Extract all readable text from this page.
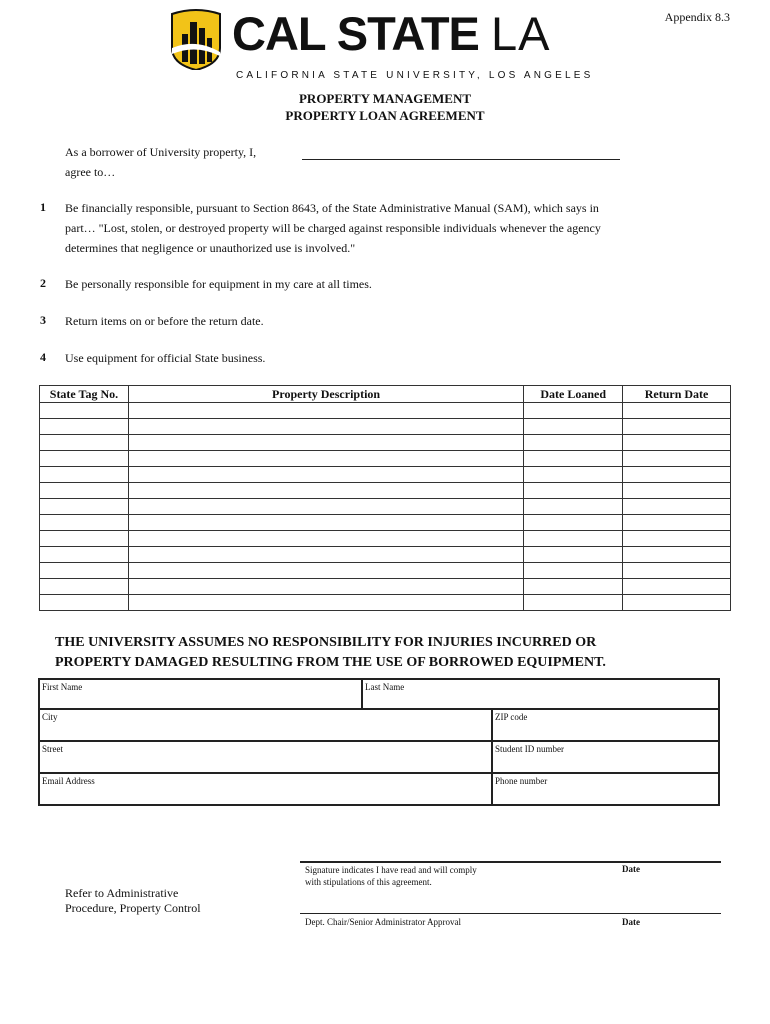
Appendix 8.3
CAL STATE LA
CALIFORNIA STATE UNIVERSITY, LOS ANGELES
PROPERTY MANAGEMENT
PROPERTY LOAN AGREEMENT
As a borrower of University property, I,
agree to…
1 Be financially responsible, pursuant to Section 8643, of the State Administrative Manual (SAM), which says in part… "Lost, stolen, or destroyed property will be charged against responsible individuals whenever the agency determines that negligence or unauthorized use is involved."
2 Be personally responsible for equipment in my care at all times.
3 Return items on or before the return date.
4 Use equipment for official State business.
State Tag No.	Property Description	Date Loaned	Return Date

THE UNIVERSITY ASSUMES NO RESPONSIBILITY FOR INJURIES INCURRED OR
PROPERTY DAMAGED RESULTING FROM THE USE OF BORROWED EQUIPMENT.
First Name	Last Name
City	ZIP code
Street	Student ID number
Email Address	Phone number
Signature indicates I have read and will comply
with stipulations of this agreement.
Date
Refer to Administrative
Procedure, Property Control
Dept. Chair/Senior Administrator Approval	Date
